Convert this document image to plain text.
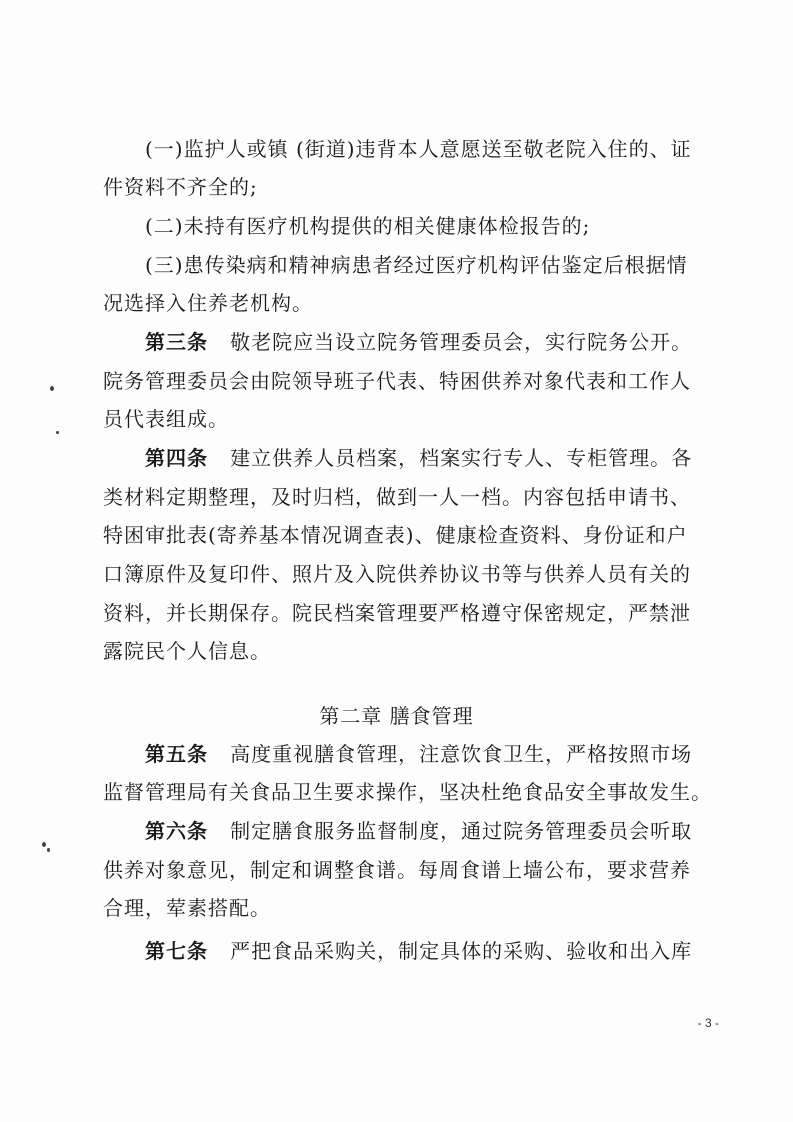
(一)监护人或镇 (街道)违背本人意愿送至敬老院入住的、证
件资料不齐全的;
(二)未持有医疗机构提供的相关健康体检报告的;
(三)患传染病和精神病患者经过医疗机构评估鉴定后根据情
况选择入住养老机构。
第三条 敬老院应当设立院务管理委员会，实行院务公开。
院务管理委员会由院领导班子代表、特困供养对象代表和工作人
员代表组成。
第四条 建立供养人员档案，档案实行专人、专柜管理。各
类材料定期整理，及时归档，做到一人一档。内容包括申请书、
特困审批表(寄养基本情况调查表)、健康检查资料、身份证和户
口簿原件及复印件、照片及入院供养协议书等与供养人员有关的
资料，并长期保存。院民档案管理要严格遵守保密规定，严禁泄
露院民个人信息。
第二章 膳食管理
第五条 高度重视膳食管理，注意饮食卫生，严格按照市场
监督管理局有关食品卫生要求操作，坚决杜绝食品安全事故发生。
第六条 制定膳食服务监督制度，通过院务管理委员会听取
供养对象意见，制定和调整食谱。每周食谱上墙公布，要求营养
合理，荤素搭配。
第七条 严把食品采购关，制定具体的采购、验收和出入库
- 3 -
